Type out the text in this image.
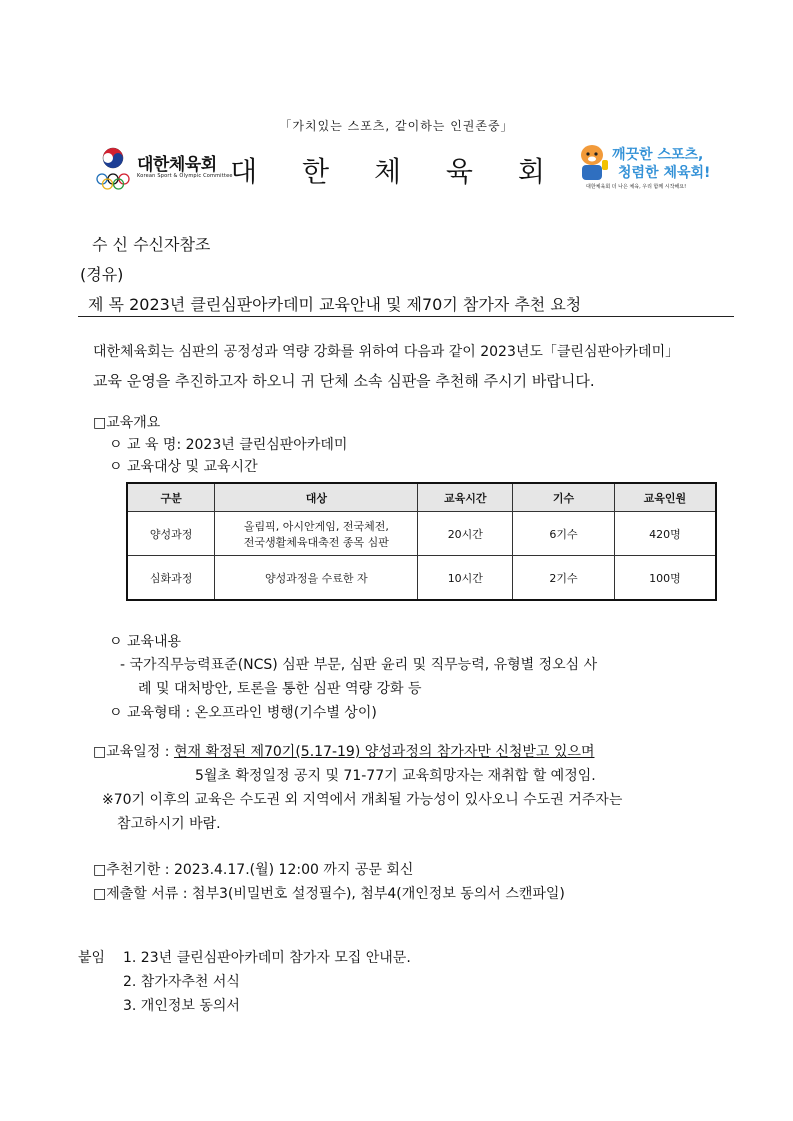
「가치있는 스포츠, 같이하는 인권존중」
대한체육회
Korean Sport & Olympic Committee
대 한 체 육 회	깨끗한 스포츠,
청렴한 체육회!
대한체육회 더 나은 체육, 우리 함께 시작해요!
수 신 수신자참조
(경유)
제 목 2023년 클린심판아카데미 교육안내 및 제70기 참가자 추천 요청
대한체육회는 심판의 공정성과 역량 강화를 위하여 다음과 같이 2023년도「클린심판아카데미」
교육 운영을 추진하고자 하오니 귀 단체 소속 심판을 추천해 주시기 바랍니다.
□교육개요
ㅇ 교 육 명: 2023년 클린심판아카데미
ㅇ 교육대상 및 교육시간
구분	대상	교육시간	기수	교육인원
양성과정	올림픽, 아시안게임, 전국체전,
전국생활체육대축전 종목 심판	20시간	6기수	420명
심화과정	양성과정을 수료한 자	10시간	2기수	100명
ㅇ 교육내용
- 국가직무능력표준(NCS) 심판 부문, 심판 윤리 및 직무능력, 유형별 정오심 사
례 및 대처방안, 토론을 통한 심판 역량 강화 등
ㅇ 교육형태 : 온오프라인 병행(기수별 상이)
□교육일정 : 현재 확정된 제70기(5.17-19) 양성과정의 참가자만 신청받고 있으며
5월초 확정일정 공지 및 71-77기 교육희망자는 재취합 할 예정임.
※70기 이후의 교육은 수도권 외 지역에서 개최될 가능성이 있사오니 수도권 거주자는
참고하시기 바람.
□추천기한 : 2023.4.17.(월) 12:00 까지 공문 회신
□제출할 서류 : 첨부3(비밀번호 설정필수), 첨부4(개인정보 동의서 스캔파일)
붙임 1. 23년 클린심판아카데미 참가자 모집 안내문.
2. 참가자추천 서식
3. 개인정보 동의서
